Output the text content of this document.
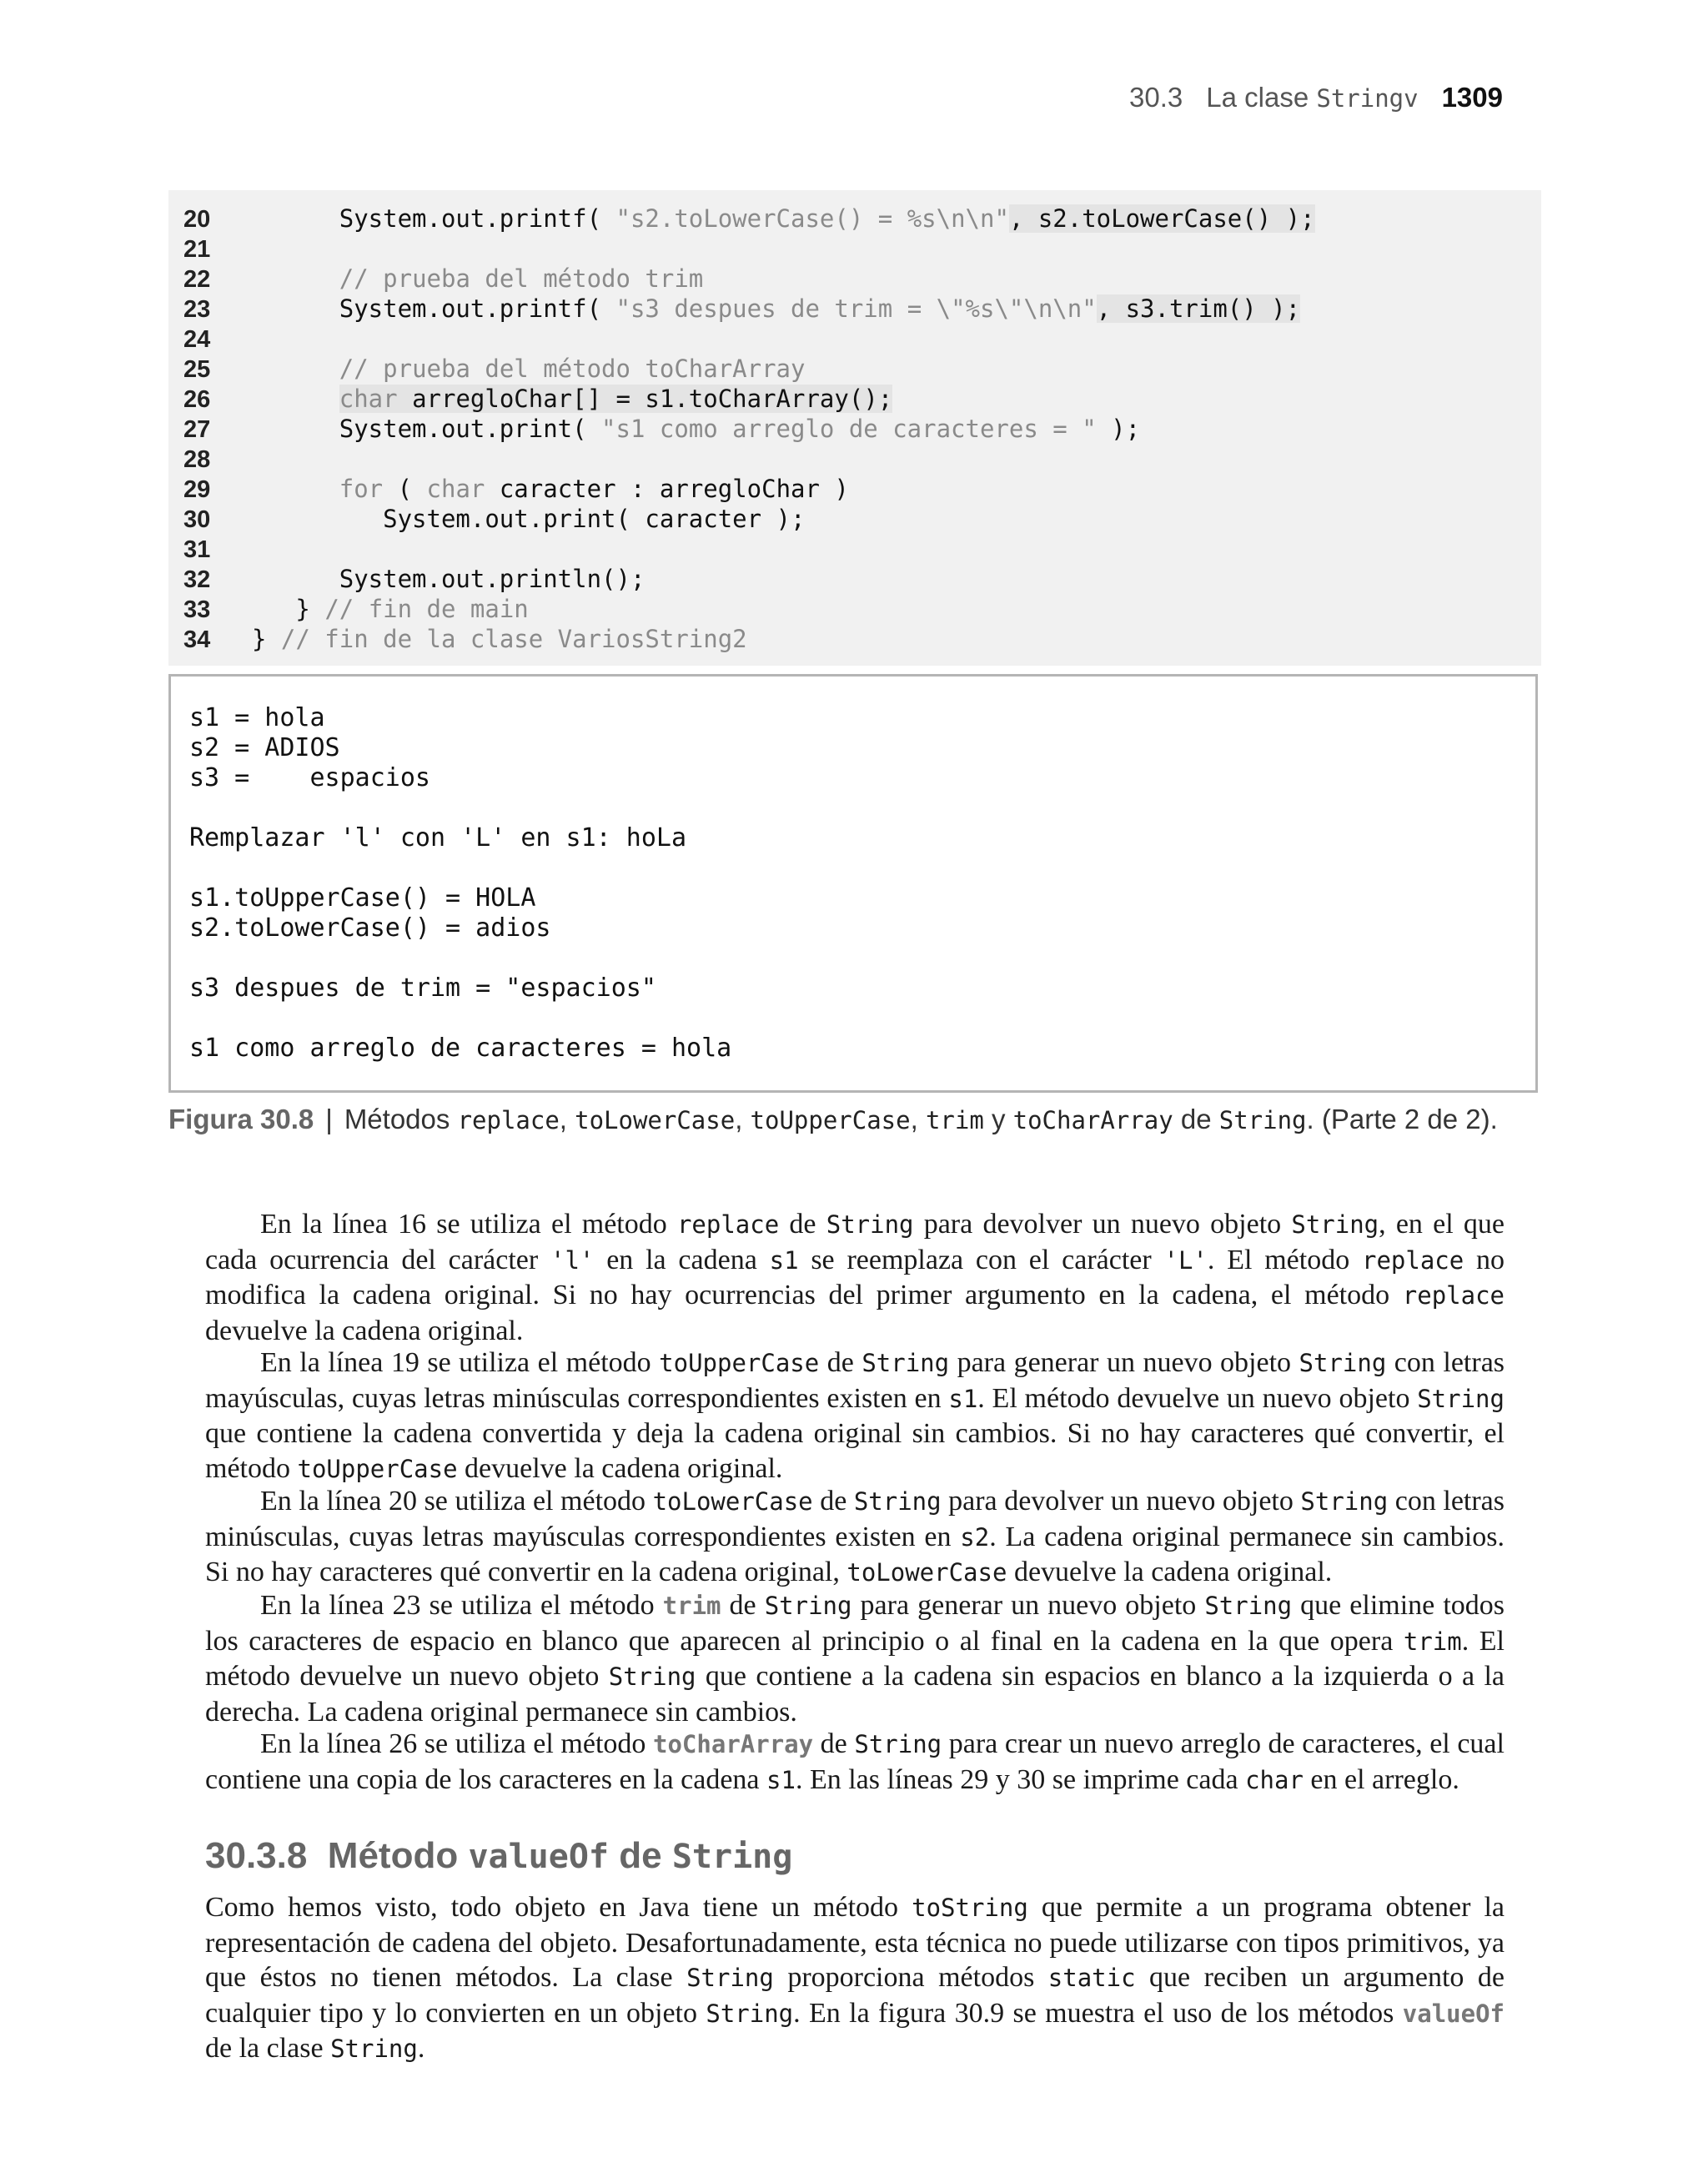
30.3 La clase Stringv 1309
20      System.out.printf( "s2.toLowerCase() = %s\n\n", s2.toLowerCase() );
21
22	// prueba del método trim
23      System.out.printf( "s3 despues de trim = \"%s\"\n\n", s3.trim() );
24
25	// prueba del método toCharArray
26	char arregloChar[] = s1.toCharArray();
27      System.out.print( "s1 como arreglo de caracteres = " );
28
29	for ( char caracter : arregloChar )
30         System.out.print( caracter );
31
32      System.out.println();
33   } // fin de main
34 } // fin de la clase VariosString2
s1 = hola
s2 = ADIOS
s3 =    espacios
Remplazar 'l' con 'L' en s1: hoLa
s1.toUpperCase() = HOLA
s2.toLowerCase() = adios
s3 despues de trim = "espacios"
s1 como arreglo de caracteres = hola
Figura 30.8 | Métodos replace, toLowerCase, toUpperCase, trim y toCharArray de String. (Parte 2 de 2).
En la línea 16 se utiliza el método replace de String para devolver un nuevo objeto String, en el que cada ocurrencia del carácter 'l' en la cadena s1 se reemplaza con el carácter 'L'. El método replace no modifica la cadena original. Si no hay ocurrencias del primer argumento en la cadena, el método replace devuelve la cadena original.
En la línea 19 se utiliza el método toUpperCase de String para generar un nuevo objeto String con letras mayúsculas, cuyas letras minúsculas correspondientes existen en s1. El método devuelve un nuevo objeto String que contiene la cadena convertida y deja la cadena original sin cambios. Si no hay caracteres qué convertir, el método toUpperCase devuelve la cadena original.
En la línea 20 se utiliza el método toLowerCase de String para devolver un nuevo objeto String con letras minúsculas, cuyas letras mayúsculas correspondientes existen en s2. La cadena original permanece sin cambios. Si no hay caracteres qué convertir en la cadena original, toLowerCase devuelve la cadena original.
En la línea 23 se utiliza el método trim de String para generar un nuevo objeto String que elimine todos los caracteres de espacio en blanco que aparecen al principio o al final en la cadena en la que opera trim. El método devuelve un nuevo objeto String que contiene a la cadena sin espacios en blanco a la izquierda o a la derecha. La cadena original permanece sin cambios.
En la línea 26 se utiliza el método toCharArray de String para crear un nuevo arreglo de caracteres, el cual contiene una copia de los caracteres en la cadena s1. En las líneas 29 y 30 se imprime cada char en el arreglo.
30.3.8 Método valueOf de String
Como hemos visto, todo objeto en Java tiene un método toString que permite a un programa obtener la representación de cadena del objeto. Desafortunadamente, esta técnica no puede utilizarse con tipos primitivos, ya que éstos no tienen métodos. La clase String proporciona métodos static que reciben un argumento de cualquier tipo y lo convierten en un objeto String. En la figura 30.9 se muestra el uso de los métodos valueOf de la clase String.
